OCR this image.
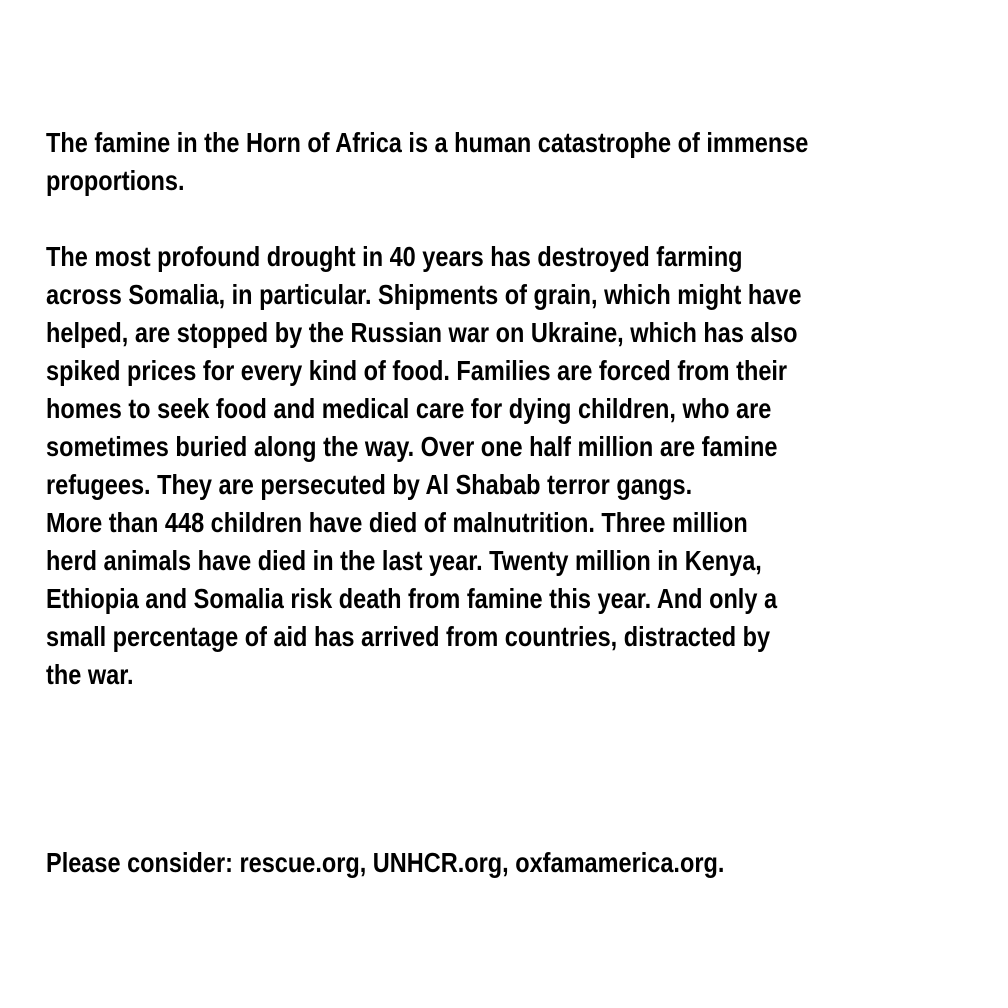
The famine in the Horn of Africa is a human catastrophe of immense
proportions.
The most profound drought in 40 years has destroyed farming
across Somalia, in particular. Shipments of grain, which might have
helped, are stopped by the Russian war on Ukraine, which has also
spiked prices for every kind of food. Families are forced from their
homes to seek food and medical care for dying children, who are
sometimes buried along the way. Over one half million are famine
refugees. They are persecuted by Al Shabab terror gangs.
More than 448 children have died of malnutrition. Three million
herd animals have died in the last year. Twenty million in Kenya,
Ethiopia and Somalia risk death from famine this year. And only a
small percentage of aid has arrived from countries, distracted by
the war.
Please consider: rescue.org, UNHCR.org, oxfamamerica.org.
